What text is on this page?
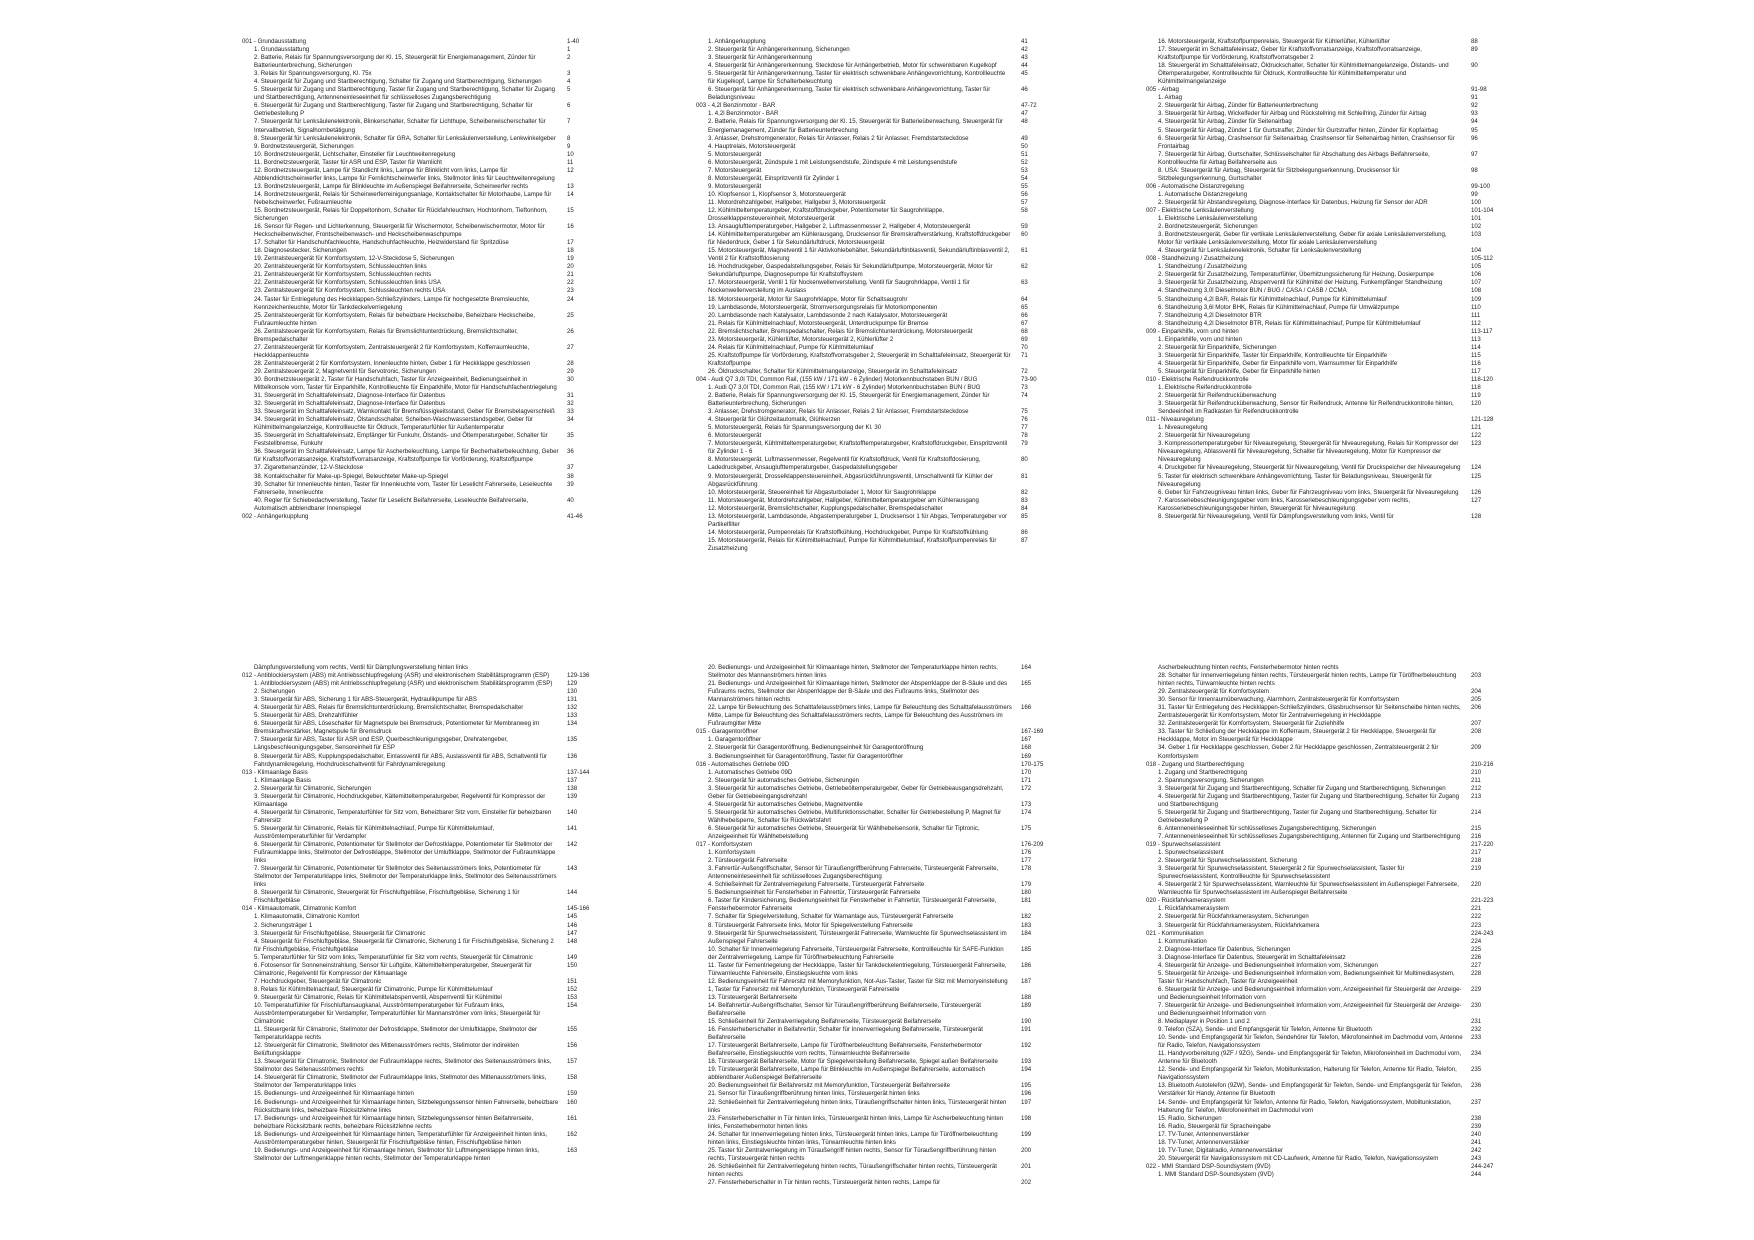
001 - Grundausstattung	1-40
1. Grundausstattung	1
2. Batterie, Relais für Spannungsversorgung der Kl. 15, Steuergerät für Energiemanagement, Zünder für Batterieunterbrechung, Sicherungen
2
3. Relais für Spannungsversorgung, Kl. 75x	3
4. Steuergerät für Zugang und Startberechtigung, Schalter für Zugang und Startberechtigung, Sicherungen	4
5. Steuergerät für Zugang und Startberechtigung, Taster für Zugang und Startberechtigung, Schalter für Zugang und Startberechtigung, Antenneneinleseeinheit für schlüsselloses Zugangsberechtigung
5
6. Steuergerät für Zugang und Startberechtigung, Taster für Zugang und Startberechtigung, Schalter für Getriebestellung P
6
7. Steuergerät für Lenksäulenelektronik, Blinkerschalter, Schalter für Lichthupe, Scheibenwischerschalter für Intervallbetrieb, Signalhornbetätigung
7
8. Steuergerät für Lenksäulenelektronik, Schalter für GRA, Schalter für Lenksäulenverstellung, Lenkwinkelgeber	8
9. Bordnetzsteuergerät, Sicherungen	9
10. Bordnetzsteuergerät, Lichtschalter, Einsteller für Leuchtweitenregelung	10
11. Bordnetzsteuergerät, Taster für ASR und ESP, Taster für Warnlicht	11
12. Bordnetzsteuergerät, Lampe für Standlicht links, Lampe für Blinklicht vorn links, Lampe für Abblendlichtscheinwerfer links, Lampe für Fernlichtscheinwerfer links, Stellmotor links für Leuchtweitenregelung
12
13. Bordnetzsteuergerät, Lampe für Blinkleuchte im Außenspiegel Beifahrerseite, Scheinwerfer rechts	13
14. Bordnetzsteuergerät, Relais für Scheinwerferreinigungsanlage, Kontaktschalter für Motorhaube, Lampe für Nebelscheinwerfer, Fußraumleuchte
14
15. Bordnetzsteuergerät, Relais für Doppeltonhorn, Schalter für Rückfahrleuchten, Hochtonhorn, Tieftonhorn, Sicherungen
15
16. Sensor für Regen- und Lichterkennung, Steuergerät für Wischermotor, Scheibenwischermotor, Motor für Heckscheibenwischer, Frontscheibenwasch- und Heckscheibenwaschpumpe
16
17. Schalter für Handschuhfachleuchte, Handschuhfachleuchte, Heizwiderstand für Spritzdüse	17
18. Diagnosestecker, Sicherungen	18
19. Zentralsteuergerät für Komfortsystem, 12-V-Steckdose 5, Sicherungen	19
20. Zentralsteuergerät für Komfortsystem, Schlussleuchten links	20
21. Zentralsteuergerät für Komfortsystem, Schlussleuchten rechts	21
22. Zentralsteuergerät für Komfortsystem, Schlussleuchten links USA	22
23. Zentralsteuergerät für Komfortsystem, Schlussleuchten rechts USA	23
24. Taster für Entriegelung des Heckklappen-Schließzylinders, Lampe für hochgesetzte Bremsleuchte, Kennzeichenleuchte, Motor für Tankdeckelverriegelung
24
25. Zentralsteuergerät für Komfortsystem, Relais für beheizbare Heckscheibe, Beheizbare Heckscheibe, Fußraumleuchte hinten
25
26. Zentralsteuergerät für Komfortsystem, Relais für Bremslichtunterdrückung, Bremslichtschalter, Bremspedalschalter
26
27. Zentralsteuergerät für Komfortsystem, Zentralsteuergerät 2 für Komfortsystem, Kofferraumleuchte, Heckklappenleuchte
27
28. Zentralsteuergerät 2 für Komfortsystem, Innenleuchte hinten, Geber 1 für Heckklappe geschlossen	28
29. Zentralsteuergerät 2, Magnetventil für Servotronic, Sicherungen	29
30. Bordnetzsteuergerät 2, Taster für Handschuhfach, Taster für Anzeigeeinheit, Bedienungseinheit in Mittelkonsole vorn, Taster für Einparkhilfe, Kontrollleuchte für Einparkhilfe, Motor für Handschuhfachentriegelung
30
31. Steuergerät im Schalttafeleinsatz, Diagnose-Interface für Datenbus	31
32. Steuergerät im Schalttafeleinsatz, Diagnose-Interface für Datenbus	32
33. Steuergerät im Schalttafeleinsatz, Warnkontakt für Bremsflüssigkeitsstand, Geber für Bremsbelagverschleiß	33
34. Steuergerät im Schalttafeleinsatz, Ölstandsschalter, Scheiben-Waschwasserstandsgeber, Geber für Kühlmittelmangelanzeige, Kontrollleuchte für Öldruck, Temperaturfühler für Außentemperatur
34
35. Steuergerät im Schalttafeleinsatz, Empfänger für Funkuhr, Ölstands- und Öltemperaturgeber, Schalter für Feststellbremse, Funkuhr
35
36. Steuergerät im Schalttafeleinsatz, Lampe für Ascherbeleuchtung, Lampe für Becherhalterbeleuchtung, Geber für Kraftstoffvorratsanzeige, Kraftstoffvorratsanzeige, Kraftstoffpumpe für Vorförderung, Kraftstoffpumpe
36
37. Zigarettenanzünder, 12-V-Steckdose	37
38. Kontaktschalter für Make-up-Spiegel, Beleuchteter Make-up-Spiegel	38
39. Schalter für Innenleuchte hinten, Taster für Innenleuchte vorn, Taster für Leselicht Fahrerseite, Leseleuchte Fahrerseite, Innenleuchte
39
40. Regler für Schiebedachverstellung, Taster für Leselicht Beifahrerseite, Leseleuchte Beifahrerseite, Automatisch abblendbarer Innenspiegel
40
002 - Anhängerkupplung	41-46
1. Anhängerkupplung	41
2. Steuergerät für Anhängererkennung, Sicherungen	42
3. Steuergerät für Anhängererkennung	43
4. Steuergerät für Anhängererkennung, Steckdose für Anhängerbetrieb, Motor für schwenkbaren Kugelkopf	44
5. Steuergerät für Anhängererkennung, Taster für elektrisch schwenkbare Anhängevorrichtung, Kontrollleuchte für Kugelkopf, Lampe für Schalterbeleuchtung
45
6. Steuergerät für Anhängererkennung, Taster für elektrisch schwenkbare Anhängevorrichtung, Taster für Beladungsniveau
46
003 - 4,2l Benzinmotor - BAR	47-72
1. 4,2l Benzinmotor - BAR	47
2. Batterie, Relais für Spannungsversorgung der Kl. 15, Steuergerät für Batterieüberwachung, Steuergerät für Energiemanagement, Zünder für Batterieunterbrechung
48
3. Anlasser, Drehstromgenerator, Relais für Anlasser, Relais 2 für Anlasser, Fremdstartsteckdose	49
4. Hauptrelais, Motorsteuergerät	50
5. Motorsteuergerät	51
6. Motorsteuergerät, Zündspule 1 mit Leistungsendstufe, Zündspule 4 mit Leistungsendstufe	52
7. Motorsteuergerät	53
8. Motorsteuergerät, Einspritzventil für Zylinder 1	54
9. Motorsteuergerät	55
10. Klopfsensor 1, Klopfsensor 3, Motorsteuergerät	56
11. Motordrehzahlgeber, Hallgeber, Hallgeber 3, Motorsteuergerät	57
12. Kühlmitteltemperaturgeber, Kraftstoffdruckgeber, Potentiometer für Saugrohrklappe, Drosselklappensteuereinheit, Motorsteuergerät
58
13. Ansauglufttemperaturgeber, Hallgeber 2, Luftmassenmesser 2, Hallgeber 4, Motorsteuergerät	59
14. Kühlmitteltemperaturgeber am Kühlerausgang, Drucksensor für Bremskraftverstärkung, Kraftstoffdruckgeber für Niederdruck, Geber 1 für Sekundärluftdruck, Motorsteuergerät
60
15. Motorsteuergerät, Magnetventil 1 für Aktivkohlebehälter, Sekundärluftinblasventil, Sekundärluftinblasventil 2, Ventil 2 für Kraftstoffdosierung
61
16. Hochdruckgeber, Gaspedalstellungsgeber, Relais für Sekundärluftpumpe, Motorsteuergerät, Motor für Sekundärluftpumpe, Diagnosepumpe für Kraftstoffsystem
62
17. Motorsteuergerät, Ventil 1 für Nockenwellenverstellung, Ventil für Saugrohrklappe, Ventil 1 für Nockenwellenverstellung im Auslass
63
18. Motorsteuergerät, Motor für Saugrohrklappe, Motor für Schaltsaugrohr	64
19. Lambdasonde, Motorsteuergerät, Stromversorgungsrelais für Motorkomponenten	65
20. Lambdasonde nach Katalysator, Lambdasonde 2 nach Katalysator, Motorsteuergerät	66
21. Relais für Kühlmittelnachlauf, Motorsteuergerät, Unterdruckpumpe für Bremse	67
22. Bremslichtschalter, Bremspedalschalter, Relais für Bremslichtunterdrückung, Motorsteuergerät	68
23. Motorsteuergerät, Kühlerlüfter, Motorsteuergerät 2, Kühlerlüfter 2	69
24. Relais für Kühlmittelnachlauf, Pumpe für Kühlmittelumlauf	70
25. Kraftstoffpumpe für Vorförderung, Kraftstoffvorratsgeber 2, Steuergerät im Schalttafeleinsatz, Steuergerät für Kraftstoffpumpe
71
26. Öldruckschalter, Schalter für Kühlmittelmangelanzeige, Steuergerät im Schalttafeleinsatz	72
004 - Audi Q7 3,0l TDI, Common Rail, (155 kW / 171 kW - 6 Zylinder) Motorkennbuchstaben BUN / BUG	73-90
1. Audi Q7 3,0l TDI, Common Rail, (155 kW / 171 kW - 6 Zylinder) Motorkennbuchstaben BUN / BUG	73
2. Batterie, Relais für Spannungsversorgung der Kl. 15, Steuergerät für Energiemanagement, Zünder für Batterieunterbrechung, Sicherungen
74
3. Anlasser, Drehstromgenerator, Relais für Anlasser, Relais 2 für Anlasser, Fremdstartsteckdose	75
4. Steuergerät für Glühzeitautomatik, Glühkerzen	76
5. Motorsteuergerät, Relais für Spannungsversorgung der Kl. 30	77
6. Motorsteuergerät	78
7. Motorsteuergerät, Kühlmitteltemperaturgeber, Kraftstofftemperaturgeber, Kraftstoffdruckgeber, Einspritzventil für Zylinder 1 - 6
79
8. Motorsteuergerät, Luftmassenmesser, Regelventil für Kraftstoffdruck, Ventil für Kraftstoffdosierung, Ladedruckgeber, Ansauglufttemperaturgeber, Gaspedalstellungsgeber
80
9. Motorsteuergerät, Drosselklappensteuereinheit, Abgasrückführungsventil, Umschaltventil für Kühler der Abgasrückführung
81
10. Motorsteuergerät, Steuereinheit für Abgasturbolader 1, Motor für Saugrohrklappe	82
11. Motorsteuergerät, Motordrehzahlgeber, Hallgeber, Kühlmitteltemperaturgeber am Kühlerausgang	83
12. Motorsteuergerät, Bremslichtschalter, Kupplungspedalschalter, Bremspedalschalter	84
13. Motorsteuergerät, Lambdasonde, Abgastemperaturgeber 1, Drucksensor 1 für Abgas, Temperaturgeber vor Partikelfilter
85
14. Motorsteuergerät, Pumpenrelais für Kraftstoffkühlung, Hochdruckgeber, Pumpe für Kraftstoffkühlung	86
15. Motorsteuergerät, Relais für Kühlmittelnachlauf, Pumpe für Kühlmittelumlauf, Kraftstoffpumpenrelais für Zusatzheizung
87
16. Motorsteuergerät, Kraftstoffpumpenrelais, Steuergerät für Kühlerlüfter, Kühlerlüfter	88
17. Steuergerät im Schalttafeleinsatz, Geber für Kraftstoffvorratsanzeige, Kraftstoffvorratsanzeige, Kraftstoffpumpe für Vorförderung, Kraftstoffvorratsgeber 2
89
18. Steuergerät im Schalttafeleinsatz, Öldruckschalter, Schalter für Kühlmittelmangelanzeige, Ölstands- und Öltemperaturgeber, Kontrollleuchte für Öldruck, Kontrollleuchte für Kühlmitteltemperatur und Kühlmittelmangelanzeige
90
005 - Airbag	91-98
1. Airbag	91
2. Steuergerät für Airbag, Zünder für Batterieunterbrechung	92
3. Steuergerät für Airbag, Wickelfeder für Airbag und Rückstellring mit Schleifring, Zünder für Airbag	93
4. Steuergerät für Airbag, Zünder für Seitenairbag	94
5. Steuergerät für Airbag, Zünder 1 für Gurtstraffer, Zünder für Gurtstraffer hinten, Zünder für Kopfairbag	95
6. Steuergerät für Airbag, Crashsensor für Seitenairbag, Crashsensor für Seitenairbag hinten, Crashsensor für Frontairbag
96
7. Steuergerät für Airbag, Gurtschalter, Schlüsselschalter für Abschaltung des Airbags Beifahrerseite, Kontrollleuchte für Airbag Beifahrerseite aus
97
8. USA: Steuergerät für Airbag, Steuergerät für Sitzbelegungserkennung, Drucksensor für Sitzbelegungserkennung, Gurtschalter
98
006 - Automatische Distanzregelung	99-100
1. Automatische Distanzregelung	99
2. Steuergerät für Abstandsregelung, Diagnose-Interface für Datenbus, Heizung für Sensor der ADR	100
007 - Elektrische Lenksäulenverstellung	101-104
1. Elektrische Lenksäulenverstellung	101
2. Bordnetzsteuergerät, Sicherungen	102
3. Bordnetzsteuergerät, Geber für vertikale Lenksäulenverstellung, Geber für axiale Lenksäulenverstellung, Motor für vertikale Lenksäulenverstellung, Motor für axiale Lenksäulenverstellung
103
4. Steuergerät für Lenksäulenelektronik, Schalter für Lenksäulenverstellung	104
008 - Standheizung / Zusatzheizung	105-112
1. Standheizung / Zusatzheizung	105
2. Steuergerät für Zusatzheizung, Temperaturfühler, Überhitzungssicherung für Heizung, Dosierpumpe	106
3. Steuergerät für Zusatzheizung, Absperrventil für Kühlmittel der Heizung, Funkempfänger Standheizung	107
4. Standheizung 3,0l Dieselmotor BUN / BUG / CASA / CASB / CCMA	108
5. Standheizung 4,2l BAR, Relais für Kühlmittelnachlauf, Pumpe für Kühlmittelumlauf	109
6. Standheizung 3,6l Motor BHK, Relais für Kühlmittelnachlauf, Pumpe für Umwälzpumpe	110
7. Standheizung 4,2l Dieselmotor BTR	111
8. Standheizung 4,2l Dieselmotor BTR, Relais für Kühlmittelnachlauf, Pumpe für Kühlmittelumlauf	112
009 - Einparkhilfe, vorn und hinten	113-117
1. Einparkhilfe, vorn und hinten	113
2. Steuergerät für Einparkhilfe, Sicherungen	114
3. Steuergerät für Einparkhilfe, Taster für Einparkhilfe, Kontrollleuchte für Einparkhilfe	115
4. Steuergerät für Einparkhilfe, Geber für Einparkhilfe vorn, Warnsummer für Einparkhilfe	116
5. Steuergerät für Einparkhilfe, Geber für Einparkhilfe hinten	117
010 - Elektrische Reifendruckkontrolle	118-120
1. Elektrische Reifendruckkontrolle	118
2. Steuergerät für Reifendrucküberwachung	119
3. Steuergerät für Reifendrucküberwachung, Sensor für Reifendruck, Antenne für Reifendruckkontrolle hinten, Sendeeinheit im Radkasten für Reifendruckkontrolle
120
011 - Niveauregelung	121-128
1. Niveauregelung	121
2. Steuergerät für Niveauregelung	122
3. Kompressortemperaturgeber für Niveauregelung, Steuergerät für Niveauregelung, Relais für Kompressor der Niveauregelung, Ablassventil für Niveauregelung, Schalter für Niveauregelung, Motor für Kompressor der Niveauregelung
123
4. Druckgeber für Niveauregelung, Steuergerät für Niveauregelung, Ventil für Druckspeicher der Niveauregelung	124
5. Taster für elektrisch schwenkbare Anhängevorrichtung, Taster für Beladungsniveau, Steuergerät für Niveauregelung
125
6. Geber für Fahrzeugniveau hinten links, Geber für Fahrzeugniveau vorn links, Steuergerät für Niveauregelung	126
7. Karosseriebeschleunigungsgeber vorn links, Karosseriebeschleunigungsgeber vorn rechts, Karosseriebeschleunigungsgeber hinten, Steuergerät für Niveauregelung
127
8. Steuergerät für Niveauregelung, Ventil für Dämpfungsverstellung vorn links, Ventil für	128
Dämpfungsverstellung vorn rechts, Ventil für Dämpfungsverstellung hinten links
012 - Antiblockiersystem (ABS) mit Antriebsschlupfregelung (ASR) und elektronischem Stabilitätsprogramm (ESP)	129-136
1. Antiblockiersystem (ABS) mit Antriebsschlupfregelung (ASR) und elektronischem Stabilitätsprogramm (ESP)	129
2. Sicherungen	130
3. Steuergerät für ABS, Sicherung 1 für ABS-Steuergerät, Hydraulikpumpe für ABS	131
4. Steuergerät für ABS, Relais für Bremslichtunterdrückung, Bremslichtschalter, Bremspedalschalter	132
5. Steuergerät für ABS, Drehzahlfühler	133
6. Steuergerät für ABS, Löseschalter für Magnetspule bei Bremsdruck, Potentiometer für Membranweg im Bremskraftverstärker, Magnetspule für Bremsdruck
134
7. Steuergerät für ABS, Taster für ASR und ESP, Querbeschleunigungsgeber, Drehratengeber, Längsbeschleunigungsgeber, Sensoreinheit für ESP
135
8. Steuergerät für ABS, Kupplungspedalschalter, Einlassventil für ABS, Auslassventil für ABS, Schaltventil für Fahrdynamikregelung, Hochdruckschaltventil für Fahrdynamikregelung
136
013 - Klimaanlage Basis	137-144
1. Klimaanlage Basis	137
2. Steuergerät für Climatronic, Sicherungen	138
3. Steuergerät für Climatronic, Hochdruckgeber, Kältemitteltemperaturgeber, Regelventil für Kompressor der Klimaanlage
139
4. Steuergerät für Climatronic, Temperaturfühler für Sitz vorn, Beheizbarer Sitz vorn, Einsteller für beheizbaren Fahrersitz
140
5. Steuergerät für Climatronic, Relais für Kühlmittelnachlauf, Pumpe für Kühlmittelumlauf, Ausströmtemperaturfühler für Verdampfer
141
6. Steuergerät für Climatronic, Potentiometer für Stellmotor der Defrostklappe, Potentiometer für Stellmotor der Fußraumklappe links, Stellmotor der Defrostklappe, Stellmotor der Umluftklappe, Stellmotor der Fußraumklappe links
142
7. Steuergerät für Climatronic, Potentiometer für Stellmotor des Seitenausströmers links, Potentiometer für Stellmotor der Temperaturklappe links, Stellmotor der Temperaturklappe links, Stellmotor des Seitenausströmers links
143
8. Steuergerät für Climatronic, Steuergerät für Frischluftgebläse, Frischluftgebläse, Sicherung 1 für Frischluftgebläse
144
014 - Klimaautomatik, Climatronic Komfort	145-166
1. Klimaautomatik, Climatronic Komfort	145
2. Sicherungsträger 1	146
3. Steuergerät für Frischluftgebläse, Steuergerät für Climatronic	147
4. Steuergerät für Frischluftgebläse, Steuergerät für Climatronic, Sicherung 1 für Frischluftgebläse, Sicherung 2 für Frischluftgebläse, Frischluftgebläse
148
5. Temperaturfühler für Sitz vorn links, Temperaturfühler für Sitz vorn rechts, Steuergerät für Climatronic	149
6. Fotosensor für Sonneneinstrahlung, Sensor für Luftgüte, Kältemitteltemperaturgeber, Steuergerät für Climatronic, Regelventil für Kompressor der Klimaanlage
150
7. Hochdruckgeber, Steuergerät für Climatronic	151
8. Relais für Kühlmittelnachlauf, Steuergerät für Climatronic, Pumpe für Kühlmittelumlauf	152
9. Steuergerät für Climatronic, Relais für Kühlmittelabsperrventil, Absperrventil für Kühlmittel	153
10. Temperaturfühler für Frischluftansaugkanal, Ausströmtemperaturgeber für Fußraum links, Ausströmtemperaturgeber für Verdampfer, Temperaturfühler für Mannanströmer vorn links, Steuergerät für Climatronic
154
11. Steuergerät für Climatronic, Stellmotor der Defrostklappe, Stellmotor der Umluftklappe, Stellmotor der Temperaturklappe rechts
155
12. Steuergerät für Climatronic, Stellmotor des Mittenausströmers rechts, Stellmotor der indirekten Belüftungsklappe
156
13. Steuergerät für Climatronic, Stellmotor der Fußraumklappe rechts, Stellmotor des Seitenausströmers links, Stellmotor des Seitenausströmers rechts
157
14. Steuergerät für Climatronic, Stellmotor der Fußraumklappe links, Stellmotor des Mittenausströmers links, Stellmotor der Temperaturklappe links
158
15. Bedienungs- und Anzeigeeinheit für Klimaanlage hinten	159
16. Bedienungs- und Anzeigeeinheit für Klimaanlage hinten, Sitzbelegungssensor hinten Fahrerseite, beheizbare Rücksitzbank links, beheizbare Rücksitzlehne links
160
17. Bedienungs- und Anzeigeeinheit für Klimaanlage hinten, Sitzbelegungssensor hinten Beifahrerseite, beheizbare Rücksitzbank rechts, beheizbare Rücksitzlehne rechts
161
18. Bedienungs- und Anzeigeeinheit für Klimaanlage hinten, Temperaturfühler für Anzeigeeinheit hinten links, Ausströmtemperaturgeber hinten, Steuergerät für Frischluftgebläse hinten, Frischluftgebläse hinten
162
19. Bedienungs- und Anzeigeeinheit für Klimaanlage hinten, Stellmotor für Luftmengenklappe hinten links, Stellmotor der Luftmengenklappe hinten rechts, Stellmotor der Temperaturklappe hinten
163
20. Bedienungs- und Anzeigeeinheit für Klimaanlage hinten, Stellmotor der Temperaturklappe hinten rechts, Stellmotor des Mannanströmers hinten links
164
21. Bedienungs- und Anzeigeeinheit für Klimaanlage hinten, Stellmotor der Absperrklappe der B-Säule und des Fußraums rechts, Stellmotor der Absperrklappe der B-Säule und des Fußraums links, Stellmotor des Mannanströmers hinten rechts
165
22. Lampe für Beleuchtung des Schalttafelausströmers links, Lampe für Beleuchtung des Schalttafelausströmers Mitte, Lampe für Beleuchtung des Schalttafelausströmers rechts, Lampe für Beleuchtung des Ausströmers im Fußraumgitter Mitte
166
015 - Garagentoröffner	167-169
1. Garagentoröffner	167
2. Steuergerät für Garagentoröffnung, Bedienungseinheit für Garagentoröffnung	168
3. Bedienungseinheit für Garagentoröffnung, Taster für Garagentoröffner	169
016 - Automatisches Getriebe 09D	170-175
1. Automatisches Getriebe 09D	170
2. Steuergerät für automatisches Getriebe, Sicherungen	171
3. Steuergerät für automatisches Getriebe, Getriebeöltemperaturgeber, Geber für Getriebeausgangsdrehzahl, Geber für Getriebeeingangsdrehzahl
172
4. Steuergerät für automatisches Getriebe, Magnetventile	173
5. Steuergerät für automatisches Getriebe, Multifunktionsschalter, Schalter für Getriebestellung P, Magnet für Wählhebelsperre, Schalter für Rückwärtsfahrt
174
6. Steuergerät für automatisches Getriebe, Steuergerät für Wählhebelsensorik, Schalter für Tiptronic, Anzeigeeinheit für Wählhebelstellung
175
017 - Komfortsystem	176-209
1. Komfortsystem	176
2. Türsteuergerät Fahrerseite	177
3. Fahrertür-Außengriffschalter, Sensor für Türaußengriffberührung Fahrerseite, Türsteuergerät Fahrerseite, Antenneneinleseeinheit für schlüsselloses Zugangsberechtigung
178
4. Schließeinheit für Zentralverriegelung Fahrerseite, Türsteuergerät Fahrerseite	179
5. Bedienungseinheit für Fensterheber in Fahrertür, Türsteuergerät Fahrerseite	180
6. Taster für Kindersicherung, Bedienungseinheit für Fensterheber in Fahrertür, Türsteuergerät Fahrerseite, Fensterhebermotor Fahrerseite
181
7. Schalter für Spiegelverstellung, Schalter für Warnanlage aus, Türsteuergerät Fahrerseite	182
8. Türsteuergerät Fahrerseite links, Motor für Spiegelverstellung Fahrerseite	183
9. Steuergerät für Spurwechselassistent, Türsteuergerät Fahrerseite, Warnleuchte für Spurwechselassistent im Außenspiegel Fahrerseite
184
10. Schalter für Innenverriegelung Fahrerseite, Türsteuergerät Fahrerseite, Kontrollleuchte für SAFE-Funktion der Zentralverriegelung, Lampe für Türöffnerbeleuchtung Fahrerseite
185
11. Taster für Fernentriegelung der Heckklappe, Taster für Tankdeckelentriegelung, Türsteuergerät Fahrerseite, Türwarnleuchte Fahrerseite, Einstiegsleuchte vorn links
186
12. Bedienungseinheit für Fahrersitz mit Memoryfunktion, Not-Aus-Taster, Taster für Sitz mit Memoryeinstellung 1, Taster für Fahrersitz mit Memoryfunktion, Türsteuergerät Fahrerseite
187
13. Türsteuergerät Beifahrerseite	188
14. Beifahrertür-Außengriffschalter, Sensor für Türaußengriffberührung Beifahrerseite, Türsteuergerät Beifahrerseite
189
15. Schließeinheit für Zentralverriegelung Beifahrerseite, Türsteuergerät Beifahrerseite	190
16. Fensterheberschalter in Beifahrertür, Schalter für Innenverriegelung Beifahrerseite, Türsteuergerät Beifahrerseite
191
17. Türsteuergerät Beifahrerseite, Lampe für Türöffnerbeleuchtung Beifahrerseite, Fensterhebermotor Beifahrerseite, Einstiegsleuchte vorn rechts, Türwarnleuchte Beifahrerseite
192
18. Türsteuergerät Beifahrerseite, Motor für Spiegelverstellung Beifahrerseite, Spiegel außen Beifahrerseite	193
19. Türsteuergerät Beifahrerseite, Lampe für Blinkleuchte im Außenspiegel Beifahrerseite, automatisch abblendbarer Außenspiegel Beifahrerseite
194
20. Bedienungseinheit für Beifahrersitz mit Memoryfunktion, Türsteuergerät Beifahrerseite	195
21. Sensor für Türaußengriffberührung hinten links, Türsteuergerät hinten links	196
22. Schließeinheit für Zentralverriegelung hinten links, Türaußengriffschalter hinten links, Türsteuergerät hinten links
197
23. Fensterheberschalter in Tür hinten links, Türsteuergerät hinten links, Lampe für Ascherbeleuchtung hinten links, Fensterhebermotor hinten links
198
24. Schalter für Innenverriegelung hinten links, Türsteuergerät hinten links, Lampe für Türöffnerbeleuchtung hinten links, Einstiegsleuchte hinten links, Türwarnleuchte hinten links
199
25. Taster für Zentralverriegelung im Türaußengriff hinten rechts, Sensor für Türaußengriffberührung hinten rechts, Türsteuergerät hinten rechts
200
26. Schließeinheit für Zentralverriegelung hinten rechts, Türaußengriffschalter hinten rechts, Türsteuergerät hinten rechts
201
27. Fensterheberschalter in Tür hinten rechts, Türsteuergerät hinten rechts, Lampe für	202
Ascherbeleuchtung hinten rechts, Fensterhebermotor hinten rechts
28. Schalter für Innenverriegelung hinten rechts, Türsteuergerät hinten rechts, Lampe für Türöffnerbeleuchtung hinten rechts, Türwarnleuchte hinten rechts
203
29. Zentralsteuergerät für Komfortsystem	204
30. Sensor für Innenraumüberwachung, Alarmhorn, Zentralsteuergerät für Komfortsystem	205
31. Taster für Entriegelung des Heckklappen-Schließzylinders, Glasbruchsensor für Seitenscheibe hinten rechts, Zentralsteuergerät für Komfortsystem, Motor für Zentralverriegelung in Heckklappe
206
32. Zentralsteuergerät für Komfortsystem, Steuergerät für Zuziehhilfe	207
33. Taster für Schließung der Heckklappe im Kofferraum, Steuergerät 2 für Heckklappe, Steuergerät für Heckklappe, Motor im Steuergerät für Heckklappe
208
34. Geber 1 für Heckklappe geschlossen, Geber 2 für Heckklappe geschlossen, Zentralsteuergerät 2 für Komfortsystem
209
018 - Zugang und Startberechtigung	210-216
1. Zugang und Startberechtigung	210
2. Spannungsversorgung, Sicherungen	211
3. Steuergerät für Zugang und Startberechtigung, Schalter für Zugang und Startberechtigung, Sicherungen	212
4. Steuergerät für Zugang und Startberechtigung, Taster für Zugang und Startberechtigung, Schalter für Zugang und Startberechtigung
213
5. Steuergerät für Zugang und Startberechtigung, Taster für Zugang und Startberechtigung, Schalter für Getriebestellung P
214
6. Antenneneinleseeinheit für schlüsselloses Zugangsberechtigung, Sicherungen	215
7. Antenneneinleseeinheit für schlüsselloses Zugangsberechtigung, Antennen für Zugang und Startberechtigung	216
019 - Spurwechselassistent	217-220
1. Spurwechselassistent	217
2. Steuergerät für Spurwechselassistent, Sicherung	218
3. Steuergerät für Spurwechselassistent, Steuergerät 2 für Spurwechselassistent, Taster für Spurwechselassistent, Kontrollleuchte für Spurwechselassistent
219
4. Steuergerät 2 für Spurwechselassistent, Warnleuchte für Spurwechselassistent im Außenspiegel Fahrerseite, Warnleuchte für Spurwechselassistent im Außenspiegel Beifahrerseite
220
020 - Rückfahrkamerasystem	221-223
1. Rückfahrkamerasystem	221
2. Steuergerät für Rückfahrkamerasystem, Sicherungen	222
3. Steuergerät für Rückfahrkamerasystem, Rückfahrkamera	223
021 - Kommunikation	224-243
1. Kommunikation	224
2. Diagnose-Interface für Datenbus, Sicherungen	225
3. Diagnose-Interface für Datenbus, Steuergerät im Schalttafeleinsatz	226
4. Steuergerät für Anzeige- und Bedienungseinheit Information vorn, Sicherungen	227
5. Steuergerät für Anzeige- und Bedienungseinheit Information vorn, Bedienungseinheit für Multimediasystem, Taster für Handschuhfach, Taster für Anzeigeeinheit
228
6. Steuergerät für Anzeige- und Bedienungseinheit Information vorn, Anzeigeeinheit für Steuergerät der Anzeige- und Bedienungseinheit Information vorn
229
7. Steuergerät für Anzeige- und Bedienungseinheit Information vorn, Anzeigeeinheit für Steuergerät der Anzeige- und Bedienungseinheit Information vorn
230
8. Mediaplayer in Position 1 und 2	231
9. Telefon (SZA), Sende- und Empfangsgerät für Telefon, Antenne für Bluetooth	232
10. Sende- und Empfangsgerät für Telefon, Sendehörer für Telefon, Mikrofoneinheit im Dachmodul vorn, Antenne für Radio, Telefon, Navigationssystem
233
11. Handyvorbereitung (9ZF / 9ZG), Sende- und Empfangsgerät für Telefon, Mikrofoneinheit im Dachmodul vorn, Antenne für Bluetooth
234
12. Sende- und Empfangsgerät für Telefon, Mobiltunkstation, Halterung für Telefon, Antenne für Radio, Telefon, Navigationssystem
235
13. Bluetooth Autotelefon (9ZW), Sende- und Empfangsgerät für Telefon, Sende- und Empfangsgerät für Telefon, Verstärker für Handy, Antenne für Bluetooth
236
14. Sende- und Empfangsgerät für Telefon, Antenne für Radio, Telefon, Navigationssystem, Mobiltunkstation, Halterung für Telefon, Mikrofoneinheit im Dachmodul vorn
237
15. Radio, Sicherungen	238
16. Radio, Steuergerät für Spracheingabe	239
17. TV-Tuner, Antennenverstärker	240
18. TV-Tuner, Antennenverstärker	241
19. TV-Tuner, Digitalradio, Antennenverstärker	242
20. Steuergerät für Navigationssystem mit CD-Laufwerk, Antenne für Radio, Telefon, Navigationssystem	243
022 - MMI Standard DSP-Soundsystem (9VD)	244-247
1. MMI Standard DSP-Soundsystem (9VD)	244
